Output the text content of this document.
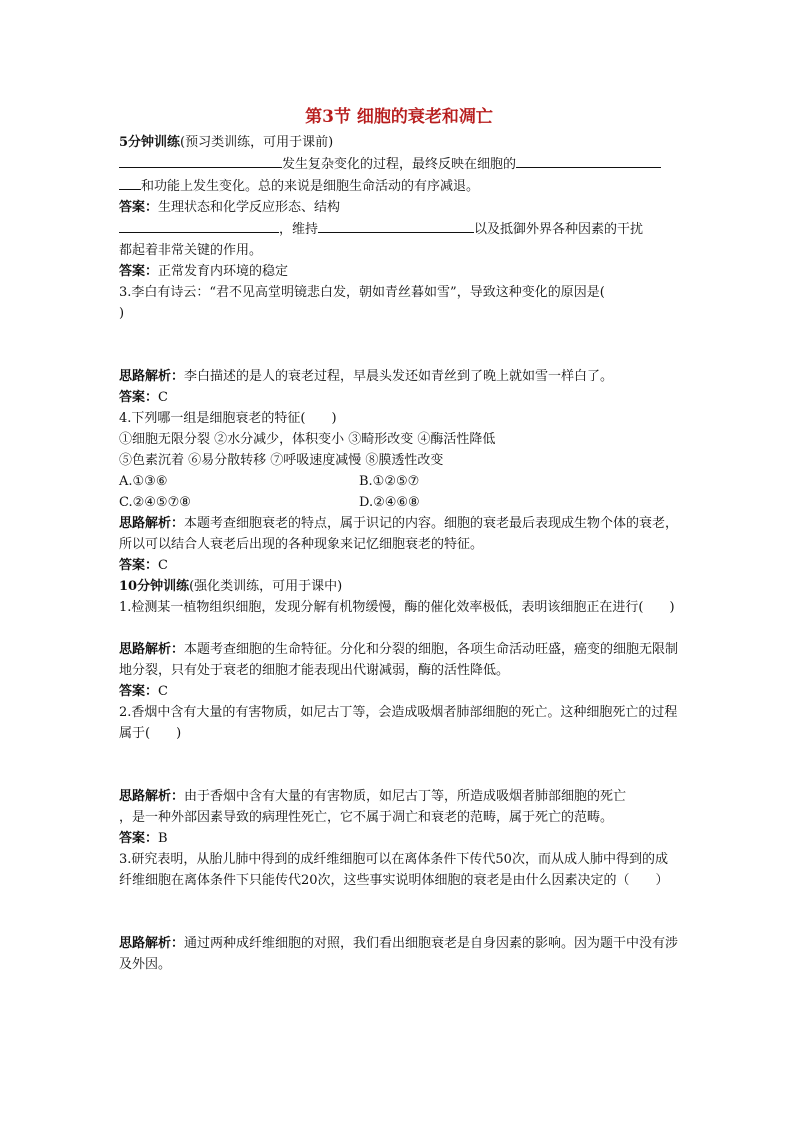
第3节 细胞的衰老和凋亡
5分钟训练(预习类训练，可用于课前)
发生复杂变化的过程，最终反映在细胞的
和功能上发生变化。总的来说是细胞生命活动的有序减退。
答案：生理状态和化学反应形态、结构
，维持	以及抵御外界各种因素的干扰
都起着非常关键的作用。
答案：正常发育内环境的稳定
3.李白有诗云：“君不见高堂明镜悲白发，朝如青丝暮如雪”，导致这种变化的原因是(
)
思路解析：李白描述的是人的衰老过程，早晨头发还如青丝到了晚上就如雪一样白了。
答案：C
4.下列哪一组是细胞衰老的特征(　　)
①细胞无限分裂 ②水分减少，体积变小 ③畸形改变 ④酶活性降低
⑤色素沉着 ⑥易分散转移 ⑦呼吸速度减慢 ⑧膜透性改变
A.①③⑥	B.①②⑤⑦
C.②④⑤⑦⑧	D.②④⑥⑧
思路解析：本题考查细胞衰老的特点，属于识记的内容。细胞的衰老最后表现成生物个体的衰老，所以可以结合人衰老后出现的各种现象来记忆细胞衰老的特征。
答案：C
10分钟训练(强化类训练，可用于课中)
1.检测某一植物组织细胞，发现分解有机物缓慢，酶的催化效率极低，表明该细胞正在进行(　　)
思路解析：本题考查细胞的生命特征。分化和分裂的细胞，各项生命活动旺盛，癌变的细胞无限制地分裂，只有处于衰老的细胞才能表现出代谢减弱，酶的活性降低。
答案：C
2.香烟中含有大量的有害物质，如尼古丁等，会造成吸烟者肺部细胞的死亡。这种细胞死亡的过程属于(　　)
思路解析：由于香烟中含有大量的有害物质，如尼古丁等，所造成吸烟者肺部细胞的死亡
，是一种外部因素导致的病理性死亡，它不属于凋亡和衰老的范畴，属于死亡的范畴。
答案：B
3.研究表明，从胎儿肺中得到的成纤维细胞可以在离体条件下传代50次，而从成人肺中得到的成纤维细胞在离体条件下只能传代20次，这些事实说明体细胞的衰老是由什么因素决定的（　　）
思路解析：通过两种成纤维细胞的对照，我们看出细胞衰老是自身因素的影响。因为题干中没有涉及外因。
